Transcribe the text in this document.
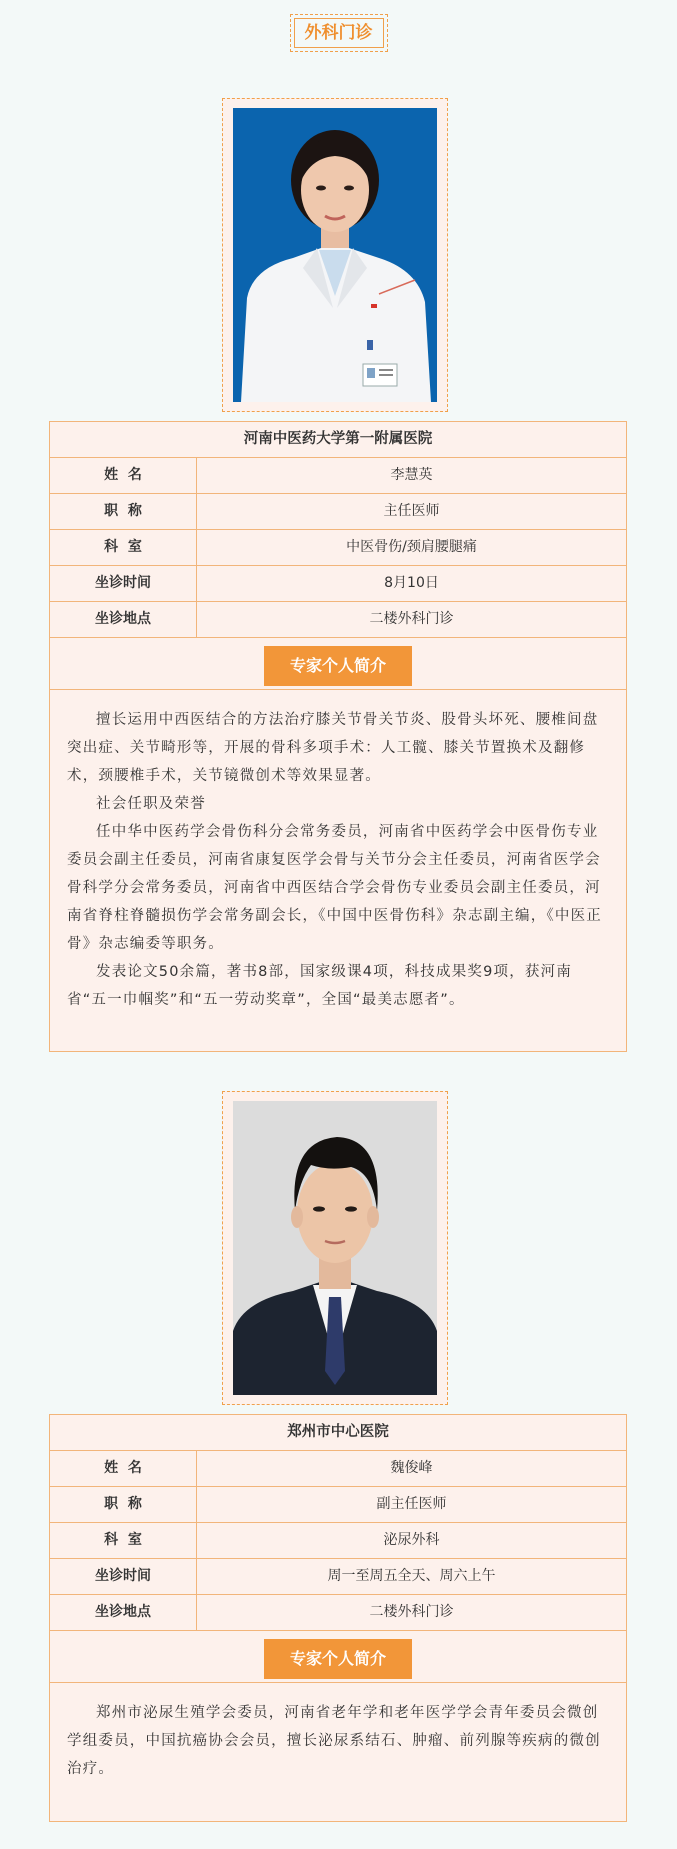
外科门诊
河南中医药大学第一附属医院
姓  名	李慧英
职  称	主任医师
科  室	中医骨伤/颈肩腰腿痛
坐诊时间	8月10日
坐诊地点	二楼外科门诊
专家个人简介

擅长运用中西医结合的方法治疗膝关节骨关节炎、股骨头坏死、腰椎间盘突出症、关节畸形等，开展的骨科多项手术：人工髋、膝关节置换术及翻修术，颈腰椎手术，关节镜微创术等效果显著。

社会任职及荣誉

任中华中医药学会骨伤科分会常务委员，河南省中医药学会中医骨伤专业委员会副主任委员，河南省康复医学会骨与关节分会主任委员，河南省医学会骨科学分会常务委员，河南省中西医结合学会骨伤专业委员会副主任委员，河南省脊柱脊髓损伤学会常务副会长，《中国中医骨伤科》杂志副主编，《中医正骨》杂志编委等职务。

发表论文50余篇，著书8部，国家级课4项，科技成果奖9项，获河南省“五一巾帼奖”和“五一劳动奖章”，全国“最美志愿者”。

郑州市中心医院
姓  名	魏俊峰
职  称	副主任医师
科  室	泌尿外科
坐诊时间	周一至周五全天、周六上午
坐诊地点	二楼外科门诊
专家个人简介

郑州市泌尿生殖学会委员，河南省老年学和老年医学学会青年委员会微创学组委员，中国抗癌协会会员，擅长泌尿系结石、肿瘤、前列腺等疾病的微创治疗。
